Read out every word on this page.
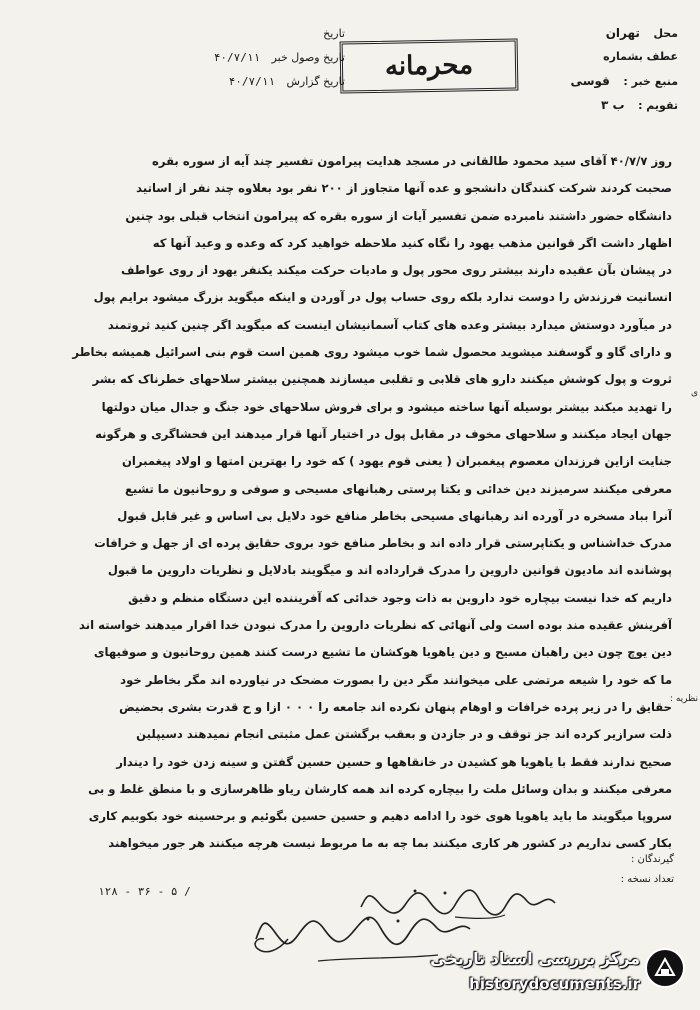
محل تهران
عطف بشماره
منبع خبر : قوسی
تقویم : ب ۳
محرمانه
تاریخ
تاریخ وصول خبر ۴۰/۷/۱۱
تاریخ گزارش ۴۰/۷/۱۱

روز ۴۰/۷/۷ آقای سید محمود طالقانی در مسجد هدایت پیرامون تفسیر چند آیه از سوره بقره

صحبت کردند شرکت کنندگان دانشجو و عده آنها متجاوز از ۲۰۰ نفر بود بعلاوه چند نفر از اساتید

دانشگاه حضور داشتند نامبرده ضمن تفسیر آیات از سوره بقره که پیرامون انتخاب قبلی بود چنین

اظهار داشت اگر قوانین مذهب یهود را نگاه کنید ملاحظه خواهید کرد که وعده و وعید آنها که

در پیشان بآن عقیده دارند بیشتر روی محور پول و مادیات حرکت میکند یکنفر یهود از روی عواطف

انسانیت فرزندش را دوست ندارد بلکه روی حساب پول در آوردن و اینکه میگوید بزرگ میشود برایم پول

در میآورد دوستش میدارد بیشتر وعده های کتاب آسمانیشان اینست که میگوید اگر چنین کنید ثروتمند

و دارای گاو و گوسفند میشوید محصول شما خوب میشود روی همین است قوم بنی اسرائیل همیشه بخاطر

ثروت و پول کوشش میکنند دارو های قلابی و تقلبی میسازند همچنین بیشتر سلاحهای خطرناک که بشر

را تهدید میکند بیشتر بوسیله آنها ساخته میشود و برای فروش سلاحهای خود جنگ و جدال میان دولتها

جهان ایجاد میکنند و سلاحهای مخوف در مقابل پول در اختیار آنها قرار میدهند این فحشاگری و هرگونه

جنایت ازاین فرزندان معصوم پیغمبران ( یعنی قوم یهود ) که خود را بهترین امتها و اولاد پیغمبران

معرفی میکنند سرمیزند دین خدائی و یکتا پرستی رهبانهای مسیحی و صوفی و روحانیون ما تشیع

آنرا بباد مسخره در آورده اند رهبانهای مسیحی بخاطر منافع خود دلایل بی اساس و غیر قابل قبول

مدرک خداشناس و یکتاپرستی قرار داده اند و بخاطر منافع خود بروی حقایق پرده ای از جهل و خرافات

پوشانده اند مادیون قوانین داروین را مدرک قرارداده اند و میگویند بادلایل و نظریات داروین ما قبول

داریم که خدا نیست بیچاره خود داروین به ذات وجود خدائی که آفریننده این دستگاه منظم و دقیق

آفرینش عقیده مند بوده است ولی آنهائی که نظریات داروین را مدرک نبودن خدا اقرار میدهند خواسته اند

دین یوچ چون دین راهبان مسیح و دین یاهویا هوکشان ما تشیع درست کنند همین روحانیون و صوفیهای

ما که خود را شیعه مرتضی علی میخوانند مگر دین را بصورت مضحک در نیاورده اند مگر بخاطر خود

حقایق را در زیر پرده خرافات و اوهام پنهان نکرده اند جامعه را ۰ ۰ ۰ ازا و ح قدرت بشری بحضیض

ذلت سرازیر کرده اند جز توقف و در جازدن و بعقب برگشتن عمل مثبتی انجام نمیدهند دسیپلین

صحیح ندارند فقط با یاهویا هو کشیدن در خانقاهها و حسین حسین گفتن و سینه زدن خود را دیندار

معرفی میکنند و بدان وسائل ملت را بیچاره کرده اند همه کارشان ریاو ظاهرسازی و با منطق غلط و بی

سروپا میگویند ما باید یاهویا هوی خود را ادامه دهیم و حسین حسین بگوئیم و برحسینه خود بکوبیم کاری

بکار کسی نداریم در کشور هر کاری میکنند بما چه به ما مربوط نیست هرچه میکنند هر جور میخواهند

ی
نظریه :
گیرندگان :
تعداد نسخه :
۱۲۸ - ۳۶ - ۵ /
مرکز بررسی اسناد تاریخی
historydocuments.ir
